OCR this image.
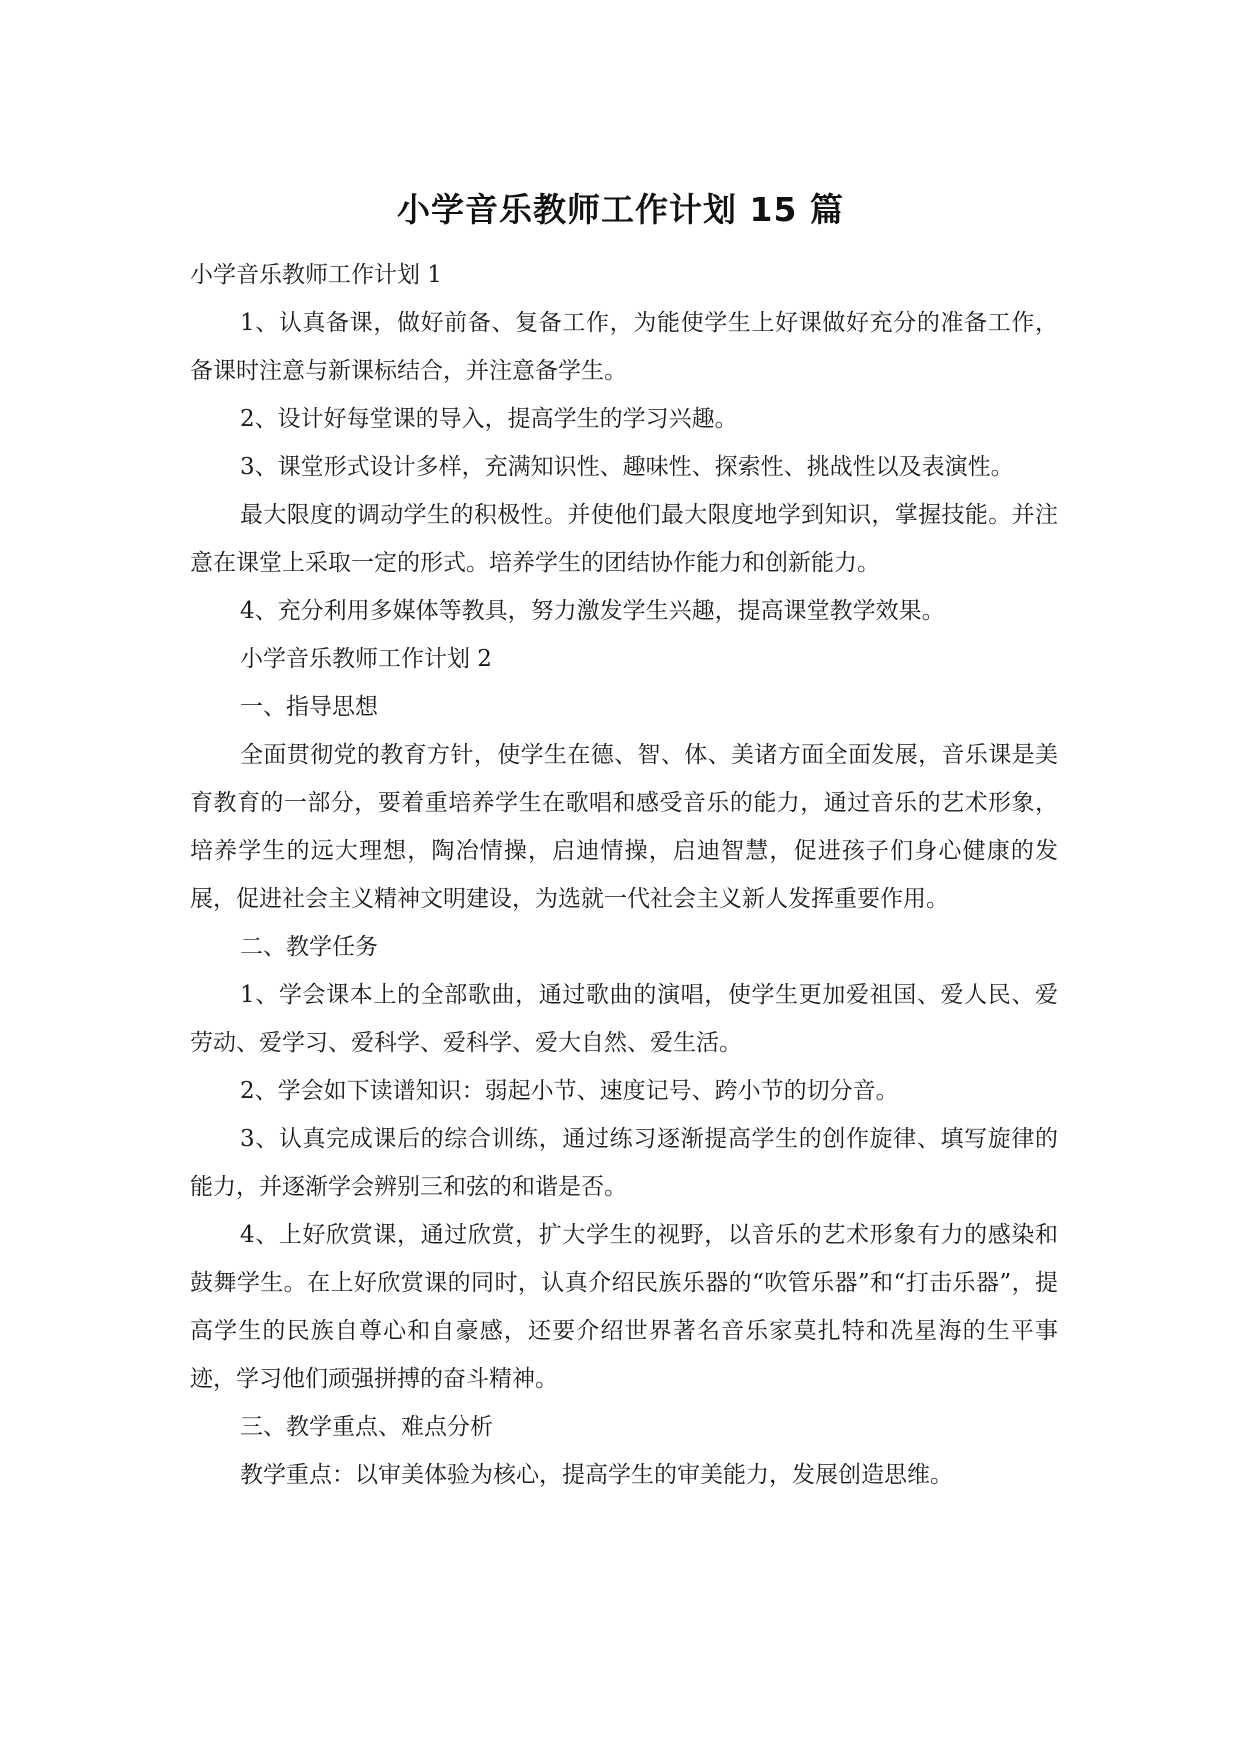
小学音乐教师工作计划 15 篇

小学音乐教师工作计划 1

1、认真备课，做好前备、复备工作，为能使学生上好课做好充分的准备工作，备课时注意与新课标结合，并注意备学生。

2、设计好每堂课的导入，提高学生的学习兴趣。

3、课堂形式设计多样，充满知识性、趣味性、探索性、挑战性以及表演性。

最大限度的调动学生的积极性。并使他们最大限度地学到知识，掌握技能。并注意在课堂上采取一定的形式。培养学生的团结协作能力和创新能力。

4、充分利用多媒体等教具，努力激发学生兴趣，提高课堂教学效果。

小学音乐教师工作计划 2

一、指导思想

全面贯彻党的教育方针，使学生在德、智、体、美诸方面全面发展，音乐课是美育教育的一部分，要着重培养学生在歌唱和感受音乐的能力，通过音乐的艺术形象，培养学生的远大理想，陶冶情操，启迪情操，启迪智慧，促进孩子们身心健康的发展，促进社会主义精神文明建设，为选就一代社会主义新人发挥重要作用。

二、教学任务

1、学会课本上的全部歌曲，通过歌曲的演唱，使学生更加爱祖国、爱人民、爱劳动、爱学习、爱科学、爱科学、爱大自然、爱生活。

2、学会如下读谱知识：弱起小节、速度记号、跨小节的切分音。

3、认真完成课后的综合训练，通过练习逐渐提高学生的创作旋律、填写旋律的能力，并逐渐学会辨别三和弦的和谐是否。

4、上好欣赏课，通过欣赏，扩大学生的视野，以音乐的艺术形象有力的感染和鼓舞学生。在上好欣赏课的同时，认真介绍民族乐器的“吹管乐器”和“打击乐器”，提高学生的民族自尊心和自豪感，还要介绍世界著名音乐家莫扎特和冼星海的生平事迹，学习他们顽强拼搏的奋斗精神。

三、教学重点、难点分析

教学重点：以审美体验为核心，提高学生的审美能力，发展创造思维。
